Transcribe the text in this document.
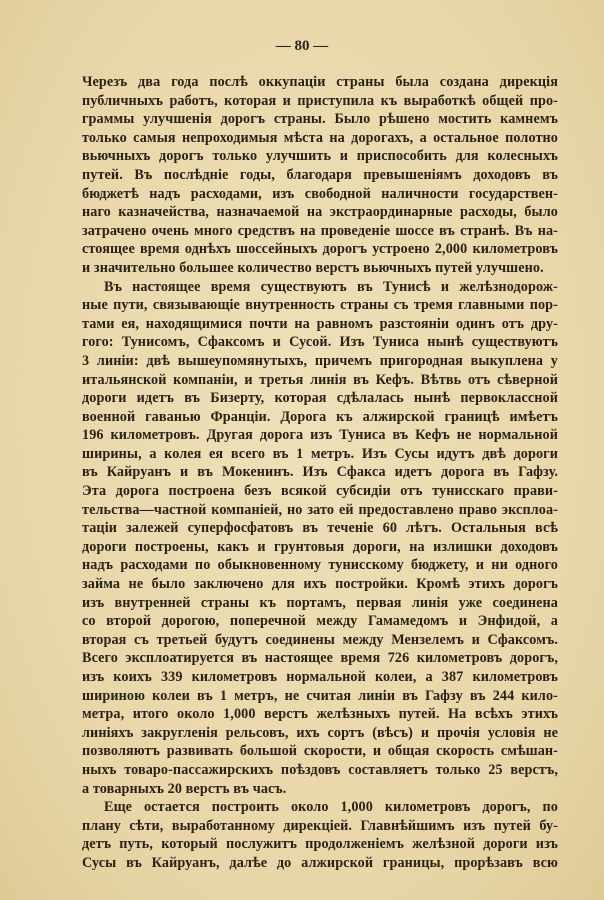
— 80 —
Черезъ два года послѣ оккупаціи страны была создана дирекція
публичныхъ работъ, которая и приступила къ выработкѣ общей про-
граммы улучшенія дорогъ страны. Было рѣшено мостить камнемъ
только самыя непроходимыя мѣста на дорогахъ, а остальное полотно
вьючныхъ дорогъ только улучшить и приспособить для колесныхъ
путей. Въ послѣдніе годы, благодаря превышеніямъ доходовъ въ
бюджетѣ надъ расходами, изъ свободной наличности государствен-
наго казначейства, назначаемой на экстраординарные расходы, было
затрачено очень много средствъ на проведеніе шоссе въ странѣ. Въ на-
стоящее время однѣхъ шоссейныхъ дорогъ устроено 2,000 километровъ
и значительно большее количество верстъ вьючныхъ путей улучшено.
Въ настоящее время существуютъ въ Тунисѣ и желѣзнодорож-
ные пути, связывающіе внутренность страны съ тремя главными пор-
тами ея, находящимися почти на равномъ разстояніи одинъ отъ дру-
гого: Тунисомъ, Сфаксомъ и Сусой. Изъ Туниса нынѣ существуютъ
3 линіи: двѣ вышеупомянутыхъ, причемъ пригородная выкуплена у
итальянской компаніи, и третья линія въ Кефъ. Вѣтвь отъ сѣверной
дороги идетъ въ Бизерту, которая сдѣлалась нынѣ первоклассной
военной гаванью Франціи. Дорога къ алжирской границѣ имѣетъ
196 километровъ. Другая дорога изъ Туниса въ Кефъ не нормальной
ширины, а колея ея всего въ 1 метръ. Изъ Сусы идутъ двѣ дороги
въ Кайруанъ и въ Мокенинъ. Изъ Сфакса идетъ дорога въ Гафзу.
Эта дорога построена безъ всякой субсидіи отъ тунисскаго прави-
тельства—частной компаніей, но зато ей предоставлено право эксплоа-
таціи залежей суперфосфатовъ въ теченіе 60 лѣтъ. Остальныя всѣ
дороги построены, какъ и грунтовыя дороги, на излишки доходовъ
надъ расходами по обыкновенному тунисскому бюджету, и ни одного
займа не было заключено для ихъ постройки. Кромѣ этихъ дорогъ
изъ внутренней страны къ портамъ, первая линія уже соединена
со второй дорогою, поперечной между Гамамедомъ и Энфидой, а
вторая съ третьей будутъ соединены между Мензелемъ и Сфаксомъ.
Всего эксплоатируется въ настоящее время 726 километровъ дорогъ,
изъ коихъ 339 километровъ нормальной колеи, а 387 километровъ
шириною колеи въ 1 метръ, не считая линіи въ Гафзу въ 244 кило-
метра, итого около 1,000 верстъ желѣзныхъ путей. На всѣхъ этихъ
линіяхъ закругленія рельсовъ, ихъ сортъ (вѣсъ) и прочія условія не
позволяютъ развивать большой скорости, и общая скорость смѣшан-
ныхъ товаро-пассажирскихъ поѣздовъ составляетъ только 25 верстъ,
а товарныхъ 20 верстъ въ часъ.
Еще остается построить около 1,000 километровъ дорогъ, по
плану сѣти, выработанному дирекціей. Главнѣйшимъ изъ путей бу-
детъ путь, который послужитъ продолженіемъ желѣзной дороги изъ
Сусы въ Кайруанъ, далѣе до алжирской границы, прорѣзавъ всю
